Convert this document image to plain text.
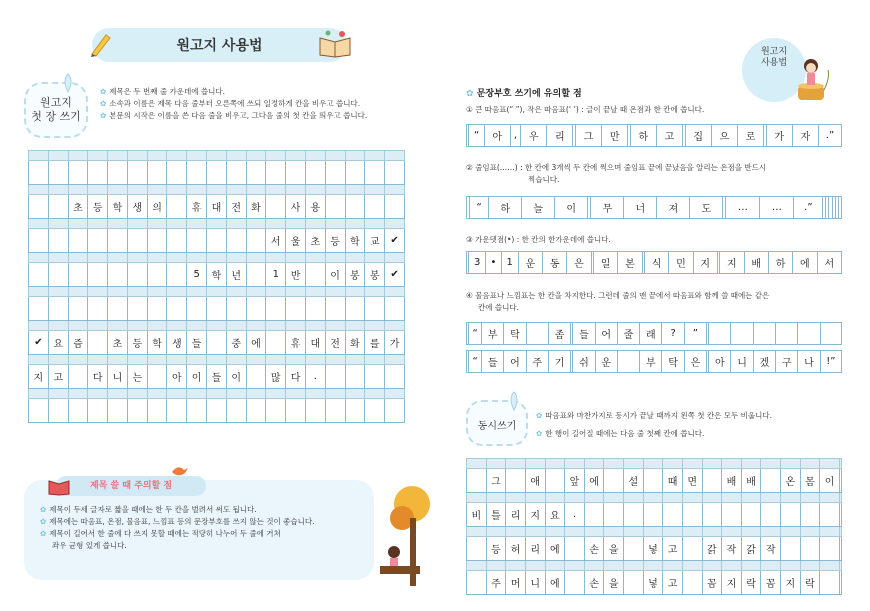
원고지 사용법	원고지
사용법
원고지
첫 장 쓰기
✿ 제목은 두 번째 줄 가운데에 씁니다.
✿ 소속과 이름은 제목 다음 줄부터 오른쪽에 쓰되 일정하게 칸을 비우고 씁니다.
✿ 본문의 시작은 이름을 쓴 다음 줄을 비우고, 그다음 줄의 첫 칸을 띄우고 씁니다.

		초	등	학	생	의		휴	대	전	화		사	용				

												서	울	초	등	학	교	✔

								5	학	년		1	반		이	봉	봉	✔

✔	요	즘		초	등	학	생	들		중	에		휴	대	전	화	를	가

지	고		다	니	는		아	이	들	이		많	다	.				

제목 쓸 때 주의할 점
✿ 제목이 두세 글자로 짧을 때에는 한 두 칸을 벌려서 써도 됩니다.
✿ 제목에는 따옴표, 온점, 물음표, 느낌표 등의 문장부호를 쓰지 않는 것이 좋습니다.
✿ 제목이 길어서 한 줄에 다 쓰지 못할 때에는 적당히 나누어 두 줄에 거쳐
좌우 균형 있게 씁니다.
✿ 문장부호 쓰기에 유의할 점
① 큰 따옴표(“ ”), 작은 따옴표(‘ ’) : 글이 끝날 때 온점과 한 칸에 씁니다.
	“	아	,	우	리		그	만		하	고		집	으	로		가	자	.”
② 줄임표(……) : 한 칸에 3개씩 두 칸에 찍으며 줄임표 끝에 끝났음을 알리는 온점을 반드시
찍습니다.
	“	하	늘	이		무	너	져	도		…	…	.”						
③ 가운뎃점(•) : 한 칸의 한가운데에 씁니다.
	3	•	1	운	동	은		일	본		식	민	지		지	배	하	에	서
④ 물음표나 느낌표는 한 칸을 차지한다. 그런데 줄의 맨 끝에서 따옴표와 함께 쓸 때에는 같은
칸에 씁니다.
	“	부	탁		좀		들	어	줄	래	?	”							

	“	들	어	주	기		쉬	운		부	탁	은		아	니	겠	구	나	!”
동시쓰기
✿ 따옴표와 마찬가지로 동시가 끝날 때까지 왼쪽 첫 칸은 모두 비웁니다.
✿ 한 행이 길어질 때에는 다음 줄 첫째 칸에 씁니다.

	그		애		앞	에		설		때	면		배	배		온	몸	이	

비	틀	리	지	요	.														

	등	허	리	에		손	을		넣	고		갉	작	갉	작				

	주	머	니	에		손	을		넣	고		꼼	지	락	꼼	지	락		
